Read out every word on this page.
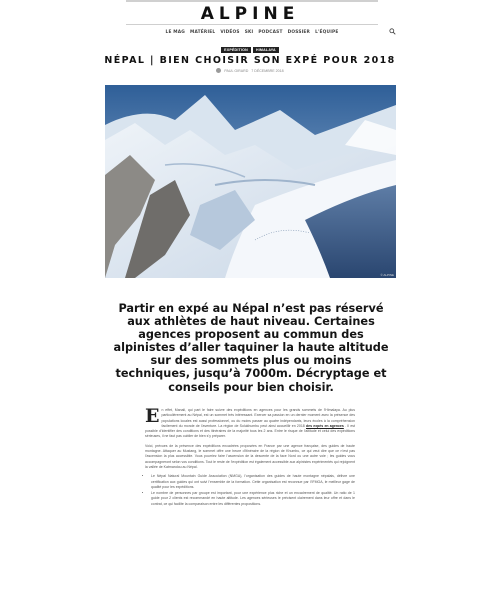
ALPINE
LE MAG MATÉRIEL VIDÉOS SKI PODCAST DOSSIER L'ÉQUIPE
EXPÉDITION	HIMALAYA
NÉPAL | BIEN CHOISIR SON EXPÉ POUR 2018
PAUL GIRARD 7 DÉCEMBRE 2018
© ALPINE

Partir en expé au Népal n’est pas réservé aux athlètes de haut niveau. Certaines agences proposent au commun des alpinistes d’aller taquiner la haute altitude sur des sommets plus ou moins techniques, jusqu’à 7000m. Décryptage et conseils pour bien choisir.

E n effet, Manali, qui part le faire suivre des expéditions en agences pour les grands sommets de l’Himalaya. Au plus particulièrement au Népal, est un sommet très intéressant. Exercer sa passion en un dernier moment avec la présence des populations locales est aussi professionnel, ou du moins passer au quatre indépendants, leurs écoles à la compréhension facilement du monde de l’aventure. La région de Solukhumbu peut ainsi accueillir en 2018 des expés en agences . Il est possible d’identifier des conditions et des itinéraires de la majorité tous les 2 ans. Entre le risque de l’altitude et celui des expéditions sérieuses, il ne faut pas oublier de bien s’y préparer.

Voici, prévues de la présence des expéditions encadrées proposées en France par une agence française, des guides de haute montagne. Attaquer au Mustang, le sommet offre une heure d’itinéraire de la région de Khumbu, ce qui veut dire que ce n’est pas l’ascension la plus accessible. Vous pourriez faire l’ascension de la descente de la face Nord ou une autre voie ; les guides vous accompagneront selon vos conditions. Tout le reste de l’expédition est également accessible aux alpinistes expérimentés qui rejoignent la vallée de Katmandou au Népal.

• Le Népal Natural Mountain Guide Association (NMGA), l’organisation des guides de haute montagne népalais, délivre une certification aux guides qui ont suivi l’ensemble de la formation. Cette organisation est reconnue par l’IFMGA, le meilleur gage de qualité pour les expéditions.
• Le nombre de personnes par groupe est important, pour une expérience plus riche et un encadrement de qualité. Un ratio de 1 guide pour 2 clients est recommandé en haute altitude. Les agences sérieuses le précisent clairement dans leur offre et dans le contrat, ce qui facilite la comparaison entre les différentes propositions.
